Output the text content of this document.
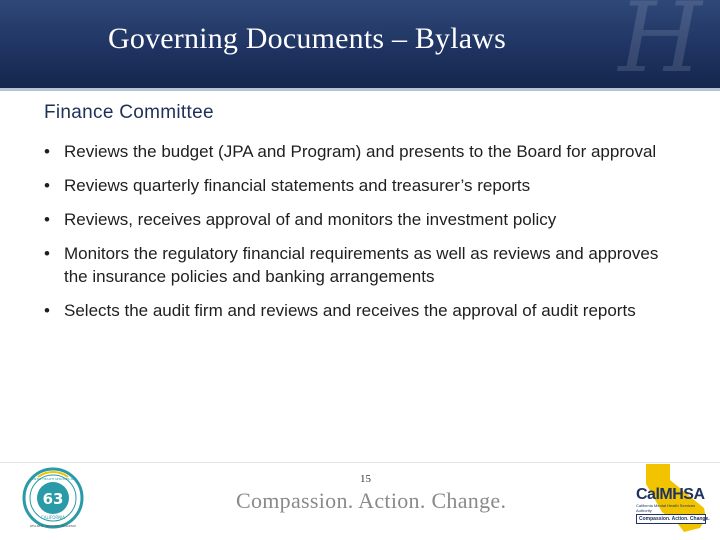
H
Governing Documents – Bylaws
Finance Committee
• Reviews the budget (JPA and Program) and presents to the Board for approval
• Reviews quarterly financial statements and treasurer’s reports
• Reviews, receives approval of and monitors the investment policy
• Monitors the regulatory financial requirements as well as reviews and approves the insurance policies and banking arrangements
• Selects the audit firm and reviews and receives the approval of audit reports
15
Compassion. Action. Change.
63
MENTAL HEALTH SERVICES ACT
CALIFORNIA
WELLNESS · RECOVERY · RESILIENCE
CalMHSA
California Mental Health Services Authority
Compassion. Action. Change.
